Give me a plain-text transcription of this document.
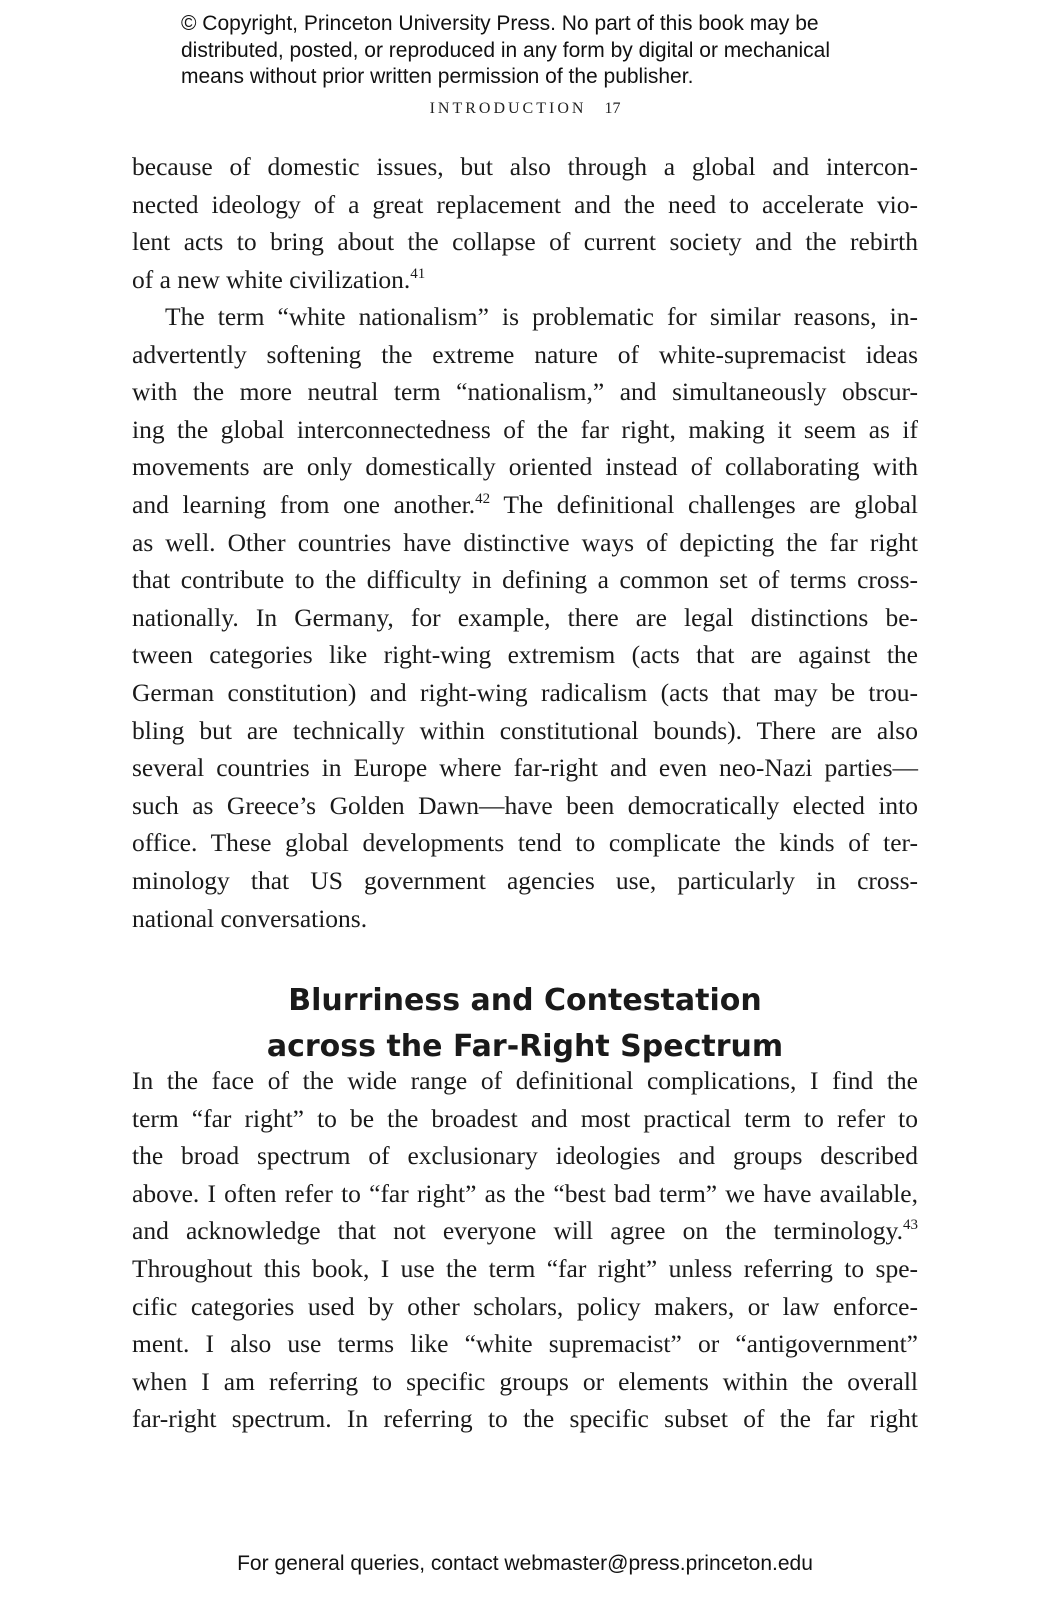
© Copyright, Princeton University Press. No part of this book may be
distributed, posted, or reproduced in any form by digital or mechanical
means without prior written permission of the publisher.
INTRODUCTION 17
because of domestic issues, but also through a global and intercon-
nected ideology of a great replacement and the need to accelerate vio-
lent acts to bring about the collapse of current society and the rebirth
of a new white civilization.$^{41}$
The term “white nationalism” is problematic for similar reasons, in-
advertently softening the extreme nature of white-supremacist ideas
with the more neutral term “nationalism,” and simultaneously obscur-
ing the global interconnectedness of the far right, making it seem as if
movements are only domestically oriented instead of collaborating with
and learning from one another.$^{42}$ The definitional challenges are global
as well. Other countries have distinctive ways of depicting the far right
that contribute to the difficulty in defining a common set of terms cross-
nationally. In Germany, for example, there are legal distinctions be-
tween categories like right-wing extremism (acts that are against the
German constitution) and right-wing radicalism (acts that may be trou-
bling but are technically within constitutional bounds). There are also
several countries in Europe where far-right and even neo-Nazi parties—
such as Greece’s Golden Dawn—have been democratically elected into
office. These global developments tend to complicate the kinds of ter-
minology that US government agencies use, particularly in cross-
national conversations.
Blurriness and Contestation
across the Far-Right Spectrum
In the face of the wide range of definitional complications, I find the
term “far right” to be the broadest and most practical term to refer to
the broad spectrum of exclusionary ideologies and groups described
above. I often refer to “far right” as the “best bad term” we have available,
and acknowledge that not everyone will agree on the terminology.$^{43}$
Throughout this book, I use the term “far right” unless referring to spe-
cific categories used by other scholars, policy makers, or law enforce-
ment. I also use terms like “white supremacist” or “antigovernment”
when I am referring to specific groups or elements within the overall
far-right spectrum. In referring to the specific subset of the far right
For general queries, contact webmaster@press.princeton.edu
